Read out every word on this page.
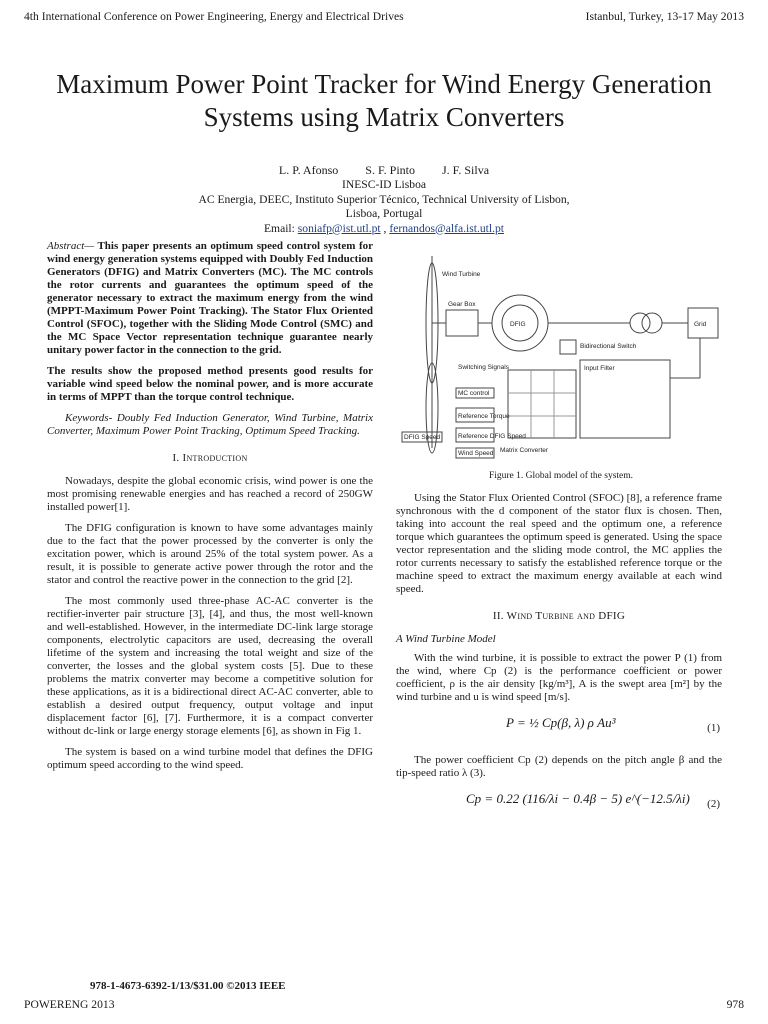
4th International Conference on Power Engineering, Energy and Electrical Drives	Istanbul, Turkey, 13-17 May 2013
Maximum Power Point Tracker for Wind Energy Generation Systems using Matrix Converters
L. P. Afonso S. F. Pinto J. F. Silva
INESC-ID Lisboa
AC Energia, DEEC, Instituto Superior Técnico, Technical University of Lisbon,
Lisboa, Portugal
Email: soniafp@ist.utl.pt , fernandos@alfa.ist.utl.pt

Abstract— This paper presents an optimum speed control system for wind energy generation systems equipped with Doubly Fed Induction Generators (DFIG) and Matrix Converters (MC). The MC controls the rotor currents and guarantees the optimum speed of the generator necessary to extract the maximum energy from the wind (MPPT-Maximum Power Point Tracking). The Stator Flux Oriented Control (SFOC), together with the Sliding Mode Control (SMC) and the MC Space Vector representation technique guarantee nearly unitary power factor in the connection to the grid.

The results show the proposed method presents good results for variable wind speed below the nominal power, and is more accurate in terms of MPPT than the torque control technique.

Keywords- Doubly Fed Induction Generator, Wind Turbine, Matrix Converter, Maximum Power Point Tracking, Optimum Speed Tracking.

I. Introduction

Nowadays, despite the global economic crisis, wind power is one the most promising renewable energies and has reached a record of 250GW installed power[1].

The DFIG configuration is known to have some advantages mainly due to the fact that the power processed by the converter is only the excitation power, which is around 25% of the total system power. As a result, it is possible to generate active power through the rotor and the stator and control the reactive power in the connection to the grid [2].

The most commonly used three-phase AC-AC converter is the rectifier-inverter pair structure [3], [4], and thus, the most well-known and well-established. However, in the intermediate DC-link large storage components, electrolytic capacitors are used, decreasing the overall lifetime of the system and increasing the total weight and size of the converter, the losses and the global system costs [5]. Due to these problems the matrix converter may become a competitive solution for these applications, as it is a bidirectional direct AC-AC converter, able to establish a desired output frequency, output voltage and input displacement factor [6], [7]. Furthermore, it is a compact converter without dc-link or large energy storage elements [6], as shown in Fig 1.

The system is based on a wind turbine model that defines the DFIG optimum speed according to the wind speed.

Wind Turbine
Gear Box
DFIG	Grid
Bidirectional Switch
Input Filter
Switching Signals
MC control
Reference Torque
Reference DFIG Speed
Wind Speed
DFIG Speed
Matrix Converter
Figure 1. Global model of the system.

Using the Stator Flux Oriented Control (SFOC) [8], a reference frame synchronous with the d component of the stator flux is chosen. Then, taking into account the real speed and the optimum one, a reference torque which guarantees the optimum speed is generated. Using the space vector representation and the sliding mode control, the MC applies the rotor currents necessary to satisfy the established reference torque or the machine speed to extract the maximum energy available at each wind speed.

II. Wind Turbine and DFIG
A Wind Turbine Model

With the wind turbine, it is possible to extract the power P (1) from the wind, where Cp (2) is the performance coefficient or power coefficient, ρ is the air density [kg/m³], A is the swept area [m²] by the wind turbine and u is wind speed [m/s].

P = ½ Cp(β, λ) ρ Au³	(1)

The power coefficient Cp (2) depends on the pitch angle β and the tip-speed ratio λ (3).

Cp = 0.22 (116/λi − 0.4β − 5) e^(−12.5/λi) (2)
978-1-4673-6392-1/13/$31.00 ©2013 IEEE
POWERENG 2013	978
